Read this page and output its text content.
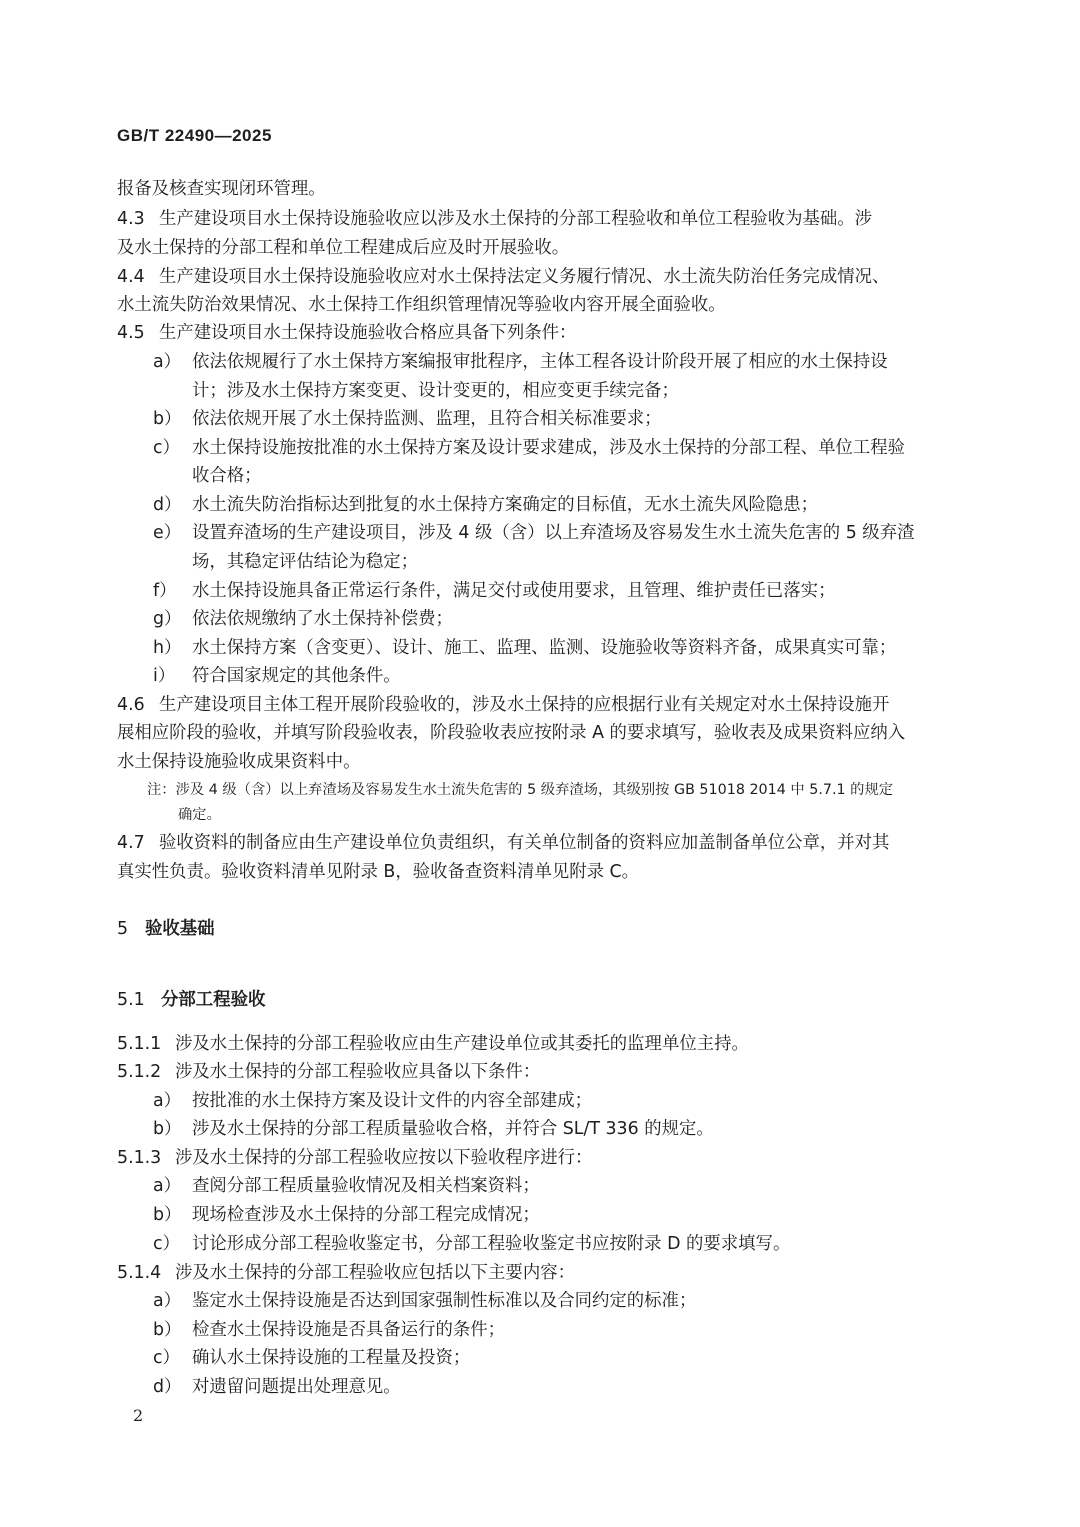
GB/T 22490—2025
报备及核查实现闭环管理。
4.3 生产建设项目水土保持设施验收应以涉及水土保持的分部工程验收和单位工程验收为基础。涉
及水土保持的分部工程和单位工程建成后应及时开展验收。
4.4 生产建设项目水土保持设施验收应对水土保持法定义务履行情况、水土流失防治任务完成情况、
水土流失防治效果情况、水土保持工作组织管理情况等验收内容开展全面验收。
4.5 生产建设项目水土保持设施验收合格应具备下列条件：
a） 依法依规履行了水土保持方案编报审批程序，主体工程各设计阶段开展了相应的水土保持设
计；涉及水土保持方案变更、设计变更的，相应变更手续完备；
b） 依法依规开展了水土保持监测、监理，且符合相关标准要求；
c） 水土保持设施按批准的水土保持方案及设计要求建成，涉及水土保持的分部工程、单位工程验
收合格；
d） 水土流失防治指标达到批复的水土保持方案确定的目标值，无水土流失风险隐患；
e） 设置弃渣场的生产建设项目，涉及 4 级（含）以上弃渣场及容易发生水土流失危害的 5 级弃渣
场，其稳定评估结论为稳定；
f） 水土保持设施具备正常运行条件，满足交付或使用要求，且管理、维护责任已落实；
g） 依法依规缴纳了水土保持补偿费；
h） 水土保持方案（含变更）、设计、施工、监理、监测、设施验收等资料齐备，成果真实可靠；
i） 符合国家规定的其他条件。
4.6 生产建设项目主体工程开展阶段验收的，涉及水土保持的应根据行业有关规定对水土保持设施开
展相应阶段的验收，并填写阶段验收表，阶段验收表应按附录 A 的要求填写，验收表及成果资料应纳入
水土保持设施验收成果资料中。
注：涉及 4 级（含）以上弃渣场及容易发生水土流失危害的 5 级弃渣场，其级别按 GB 51018 2014 中 5.7.1 的规定
确定。
4.7 验收资料的制备应由生产建设单位负责组织，有关单位制备的资料应加盖制备单位公章，并对其
真实性负责。验收资料清单见附录 B，验收备查资料清单见附录 C。
5 验收基础
5.1 分部工程验收
5.1.1 涉及水土保持的分部工程验收应由生产建设单位或其委托的监理单位主持。
5.1.2 涉及水土保持的分部工程验收应具备以下条件：
a） 按批准的水土保持方案及设计文件的内容全部建成；
b） 涉及水土保持的分部工程质量验收合格，并符合 SL/T 336 的规定。
5.1.3 涉及水土保持的分部工程验收应按以下验收程序进行：
a） 查阅分部工程质量验收情况及相关档案资料；
b） 现场检查涉及水土保持的分部工程完成情况；
c） 讨论形成分部工程验收鉴定书，分部工程验收鉴定书应按附录 D 的要求填写。
5.1.4 涉及水土保持的分部工程验收应包括以下主要内容：
a） 鉴定水土保持设施是否达到国家强制性标准以及合同约定的标准；
b） 检查水土保持设施是否具备运行的条件；
c） 确认水土保持设施的工程量及投资；
d） 对遗留问题提出处理意见。
2
